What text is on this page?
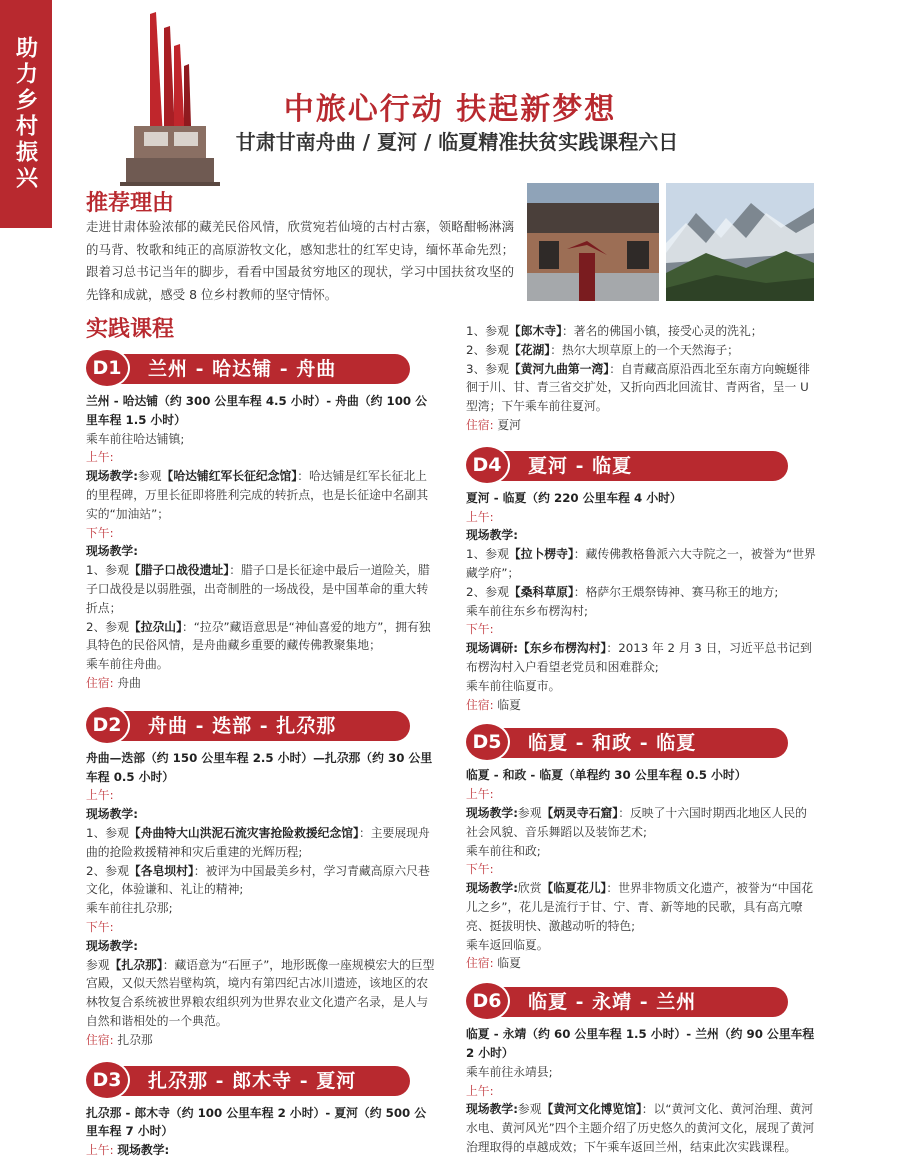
助力乡村振兴	中旅心行动 扶起新梦想
甘肃甘南舟曲 / 夏河 / 临夏精准扶贫实践课程六日
推荐理由
走进甘肃体验浓郁的藏羌民俗风情，欣赏宛若仙境的古村古寨，领略酣畅淋漓的马背、牧歌和纯正的高原游牧文化，感知悲壮的红军史诗，缅怀革命先烈；跟着习总书记当年的脚步，看看中国最贫穷地区的现状，学习中国扶贫攻坚的先锋和成就，感受 8 位乡村教师的坚守情怀。
实践课程
兰州 - 哈达铺 - 舟曲
D1

兰州 - 哈达铺（约 300 公里车程 4.5 小时）- 舟曲（约 100 公里车程 1.5 小时）

乘车前往哈达铺镇;

上午:

现场教学:参观【哈达铺红军长征纪念馆】：哈达铺是红军长征北上的里程碑，万里长征即将胜利完成的转折点，也是长征途中名副其实的“加油站”；

下午:

现场教学:

1、参观【腊子口战役遗址】：腊子口是长征途中最后一道险关，腊子口战役是以弱胜强，出奇制胜的一场战役，是中国革命的重大转折点；

2、参观【拉尕山】：“拉尕”藏语意思是“神仙喜爱的地方”，拥有独具特色的民俗风情，是舟曲藏乡重要的藏传佛教聚集地；

乘车前往舟曲。

住宿: 舟曲

舟曲 - 迭部 - 扎尕那
D2

舟曲—迭部（约 150 公里车程 2.5 小时）—扎尕那（约 30 公里车程 0.5 小时）

上午:

现场教学:

1、参观【舟曲特大山洪泥石流灾害抢险救援纪念馆】：主要展现舟曲的抢险救援精神和灾后重建的光辉历程;

2、参观【各皂坝村】：被评为中国最美乡村，学习青藏高原六尺巷文化，体验谦和、礼让的精神;

乘车前往扎尕那;

下午:

现场教学:

参观【扎尕那】：藏语意为“石匣子”，地形既像一座规模宏大的巨型宫殿，又似天然岩壁构筑，境内有第四纪古冰川遗迹，该地区的农林牧复合系统被世界粮农组织列为世界农业文化遗产名录，是人与自然和谐相处的一个典范。

住宿: 扎尕那

扎尕那 - 郎木寺 - 夏河
D3

扎尕那 - 郎木寺（约 100 公里车程 2 小时）- 夏河（约 500 公里车程 7 小时）

上午: 现场教学:

1、参观【郎木寺】：著名的佛国小镇，接受心灵的洗礼；

2、参观【花湖】：热尔大坝草原上的一个天然海子；

3、参观【黄河九曲第一湾】：自青藏高原沿西北至东南方向蜿蜒徘徊于川、甘、青三省交扩处，又折向西北回流甘、青两省，呈一 U 型湾；下午乘车前往夏河。

住宿: 夏河

夏河 - 临夏
D4

夏河 - 临夏（约 220 公里车程 4 小时）

上午:

现场教学:

1、参观【拉卜楞寺】：藏传佛教格鲁派六大寺院之一，被誉为“世界藏学府”；

2、参观【桑科草原】：格萨尔王煨祭铸神、赛马称王的地方;

乘车前往东乡布楞沟村;

下午:

现场调研:【东乡布楞沟村】：2013 年 2 月 3 日，习近平总书记到布楞沟村入户看望老党员和困难群众;

乘车前往临夏市。

住宿: 临夏

临夏 - 和政 - 临夏
D5

临夏 - 和政 - 临夏（单程约 30 公里车程 0.5 小时）

上午:

现场教学:参观【炳灵寺石窟】：反映了十六国时期西北地区人民的社会风貌、音乐舞蹈以及装饰艺术;

乘车前往和政;

下午:

现场教学:欣赏【临夏花儿】：世界非物质文化遗产，被誉为“中国花儿之乡”，花儿是流行于甘、宁、青、新等地的民歌，具有高亢嘹亮、挺拔明快、激越动听的特色;

乘车返回临夏。

住宿: 临夏

临夏 - 永靖 - 兰州
D6

临夏 - 永靖（约 60 公里车程 1.5 小时）- 兰州（约 90 公里车程 2 小时）

乘车前往永靖县;

上午:

现场教学:参观【黄河文化博览馆】：以“黄河文化、黄河治理、黄河水电、黄河风光”四个主题介绍了历史悠久的黄河文化，展现了黄河治理取得的卓越成效；下午乘车返回兰州，结束此次实践课程。
